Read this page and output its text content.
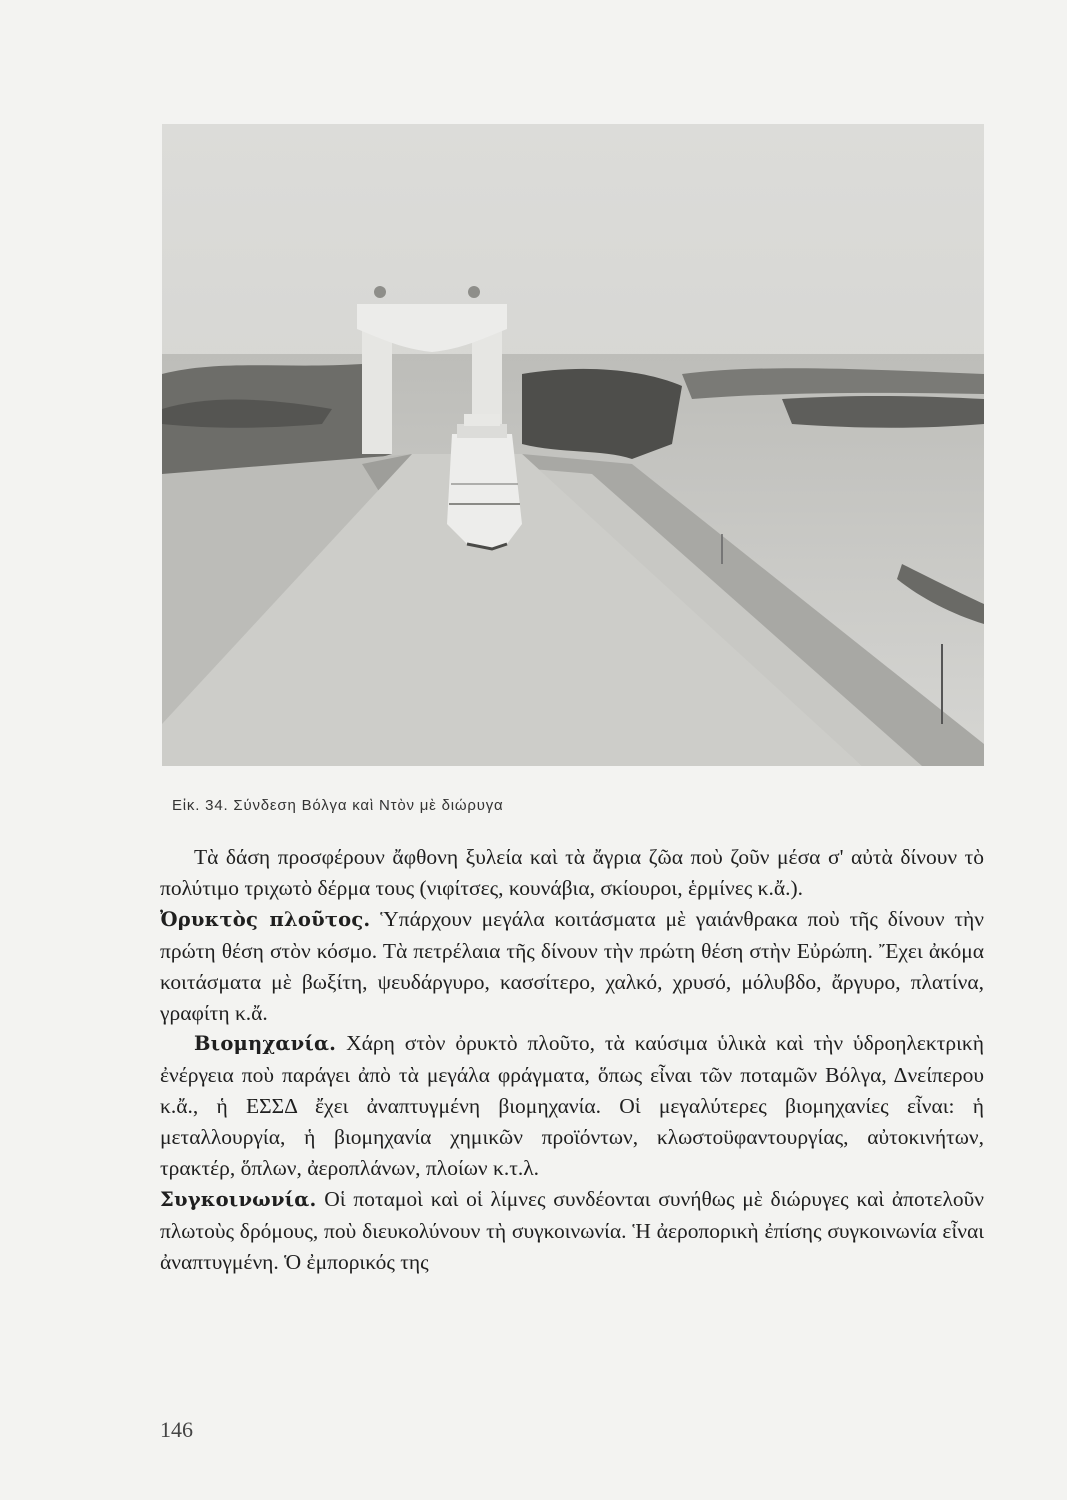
Εἰκ. 34. Σύνδεση Βόλγα καὶ Ντὸν μὲ διώρυγα

Τὰ δάση προσφέρουν ἄφθονη ξυλεία καὶ τὰ ἄγρια ζῶα ποὺ ζοῦν μέσα σ' αὐτὰ δίνουν τὸ πολύτιμο τριχωτὸ δέρμα τους (νιφίτσες, κουνάβια, σκίουροι, ἑρμίνες κ.ἄ.).

Ὀρυκτὸς πλοῦτος. Ὑπάρχουν μεγάλα κοιτάσματα μὲ γαιάνθρακα ποὺ τῆς δίνουν τὴν πρώτη θέση στὸν κόσμο. Τὰ πετρέλαια τῆς δίνουν τὴν πρώτη θέση στὴν Εὐρώπη. Ἔχει ἀκόμα κοιτάσματα μὲ βωξίτη, ψευδάργυρο, κασσίτερο, χαλκό, χρυσό, μόλυβδο, ἄργυρο, πλατίνα, γραφίτη κ.ἄ.

Βιομηχανία. Χάρη στὸν ὀρυκτὸ πλοῦτο, τὰ καύσιμα ὑλικὰ καὶ τὴν ὑδροηλεκτρικὴ ἐνέργεια ποὺ παράγει ἀπὸ τὰ μεγάλα φράγματα, ὅπως εἶναι τῶν ποταμῶν Βόλγα, Δνείπερου κ.ἄ., ἡ ΕΣΣΔ ἔχει ἀναπτυγμένη βιομηχανία. Οἱ μεγαλύτερες βιομηχανίες εἶναι: ἡ μεταλλουργία, ἡ βιομηχανία χημικῶν προϊόντων, κλωστοϋφαντουργίας, αὐτοκινήτων, τρακτέρ, ὅπλων, ἀεροπλάνων, πλοίων κ.τ.λ.

Συγκοινωνία. Οἱ ποταμοὶ καὶ οἱ λίμνες συνδέονται συνήθως μὲ διώρυγες καὶ ἀποτελοῦν πλωτοὺς δρόμους, ποὺ διευκολύνουν τὴ συγκοινωνία. Ἡ ἀεροπορικὴ ἐπίσης συγκοινωνία εἶναι ἀναπτυγμένη. Ὁ ἐμπορικός της

146
